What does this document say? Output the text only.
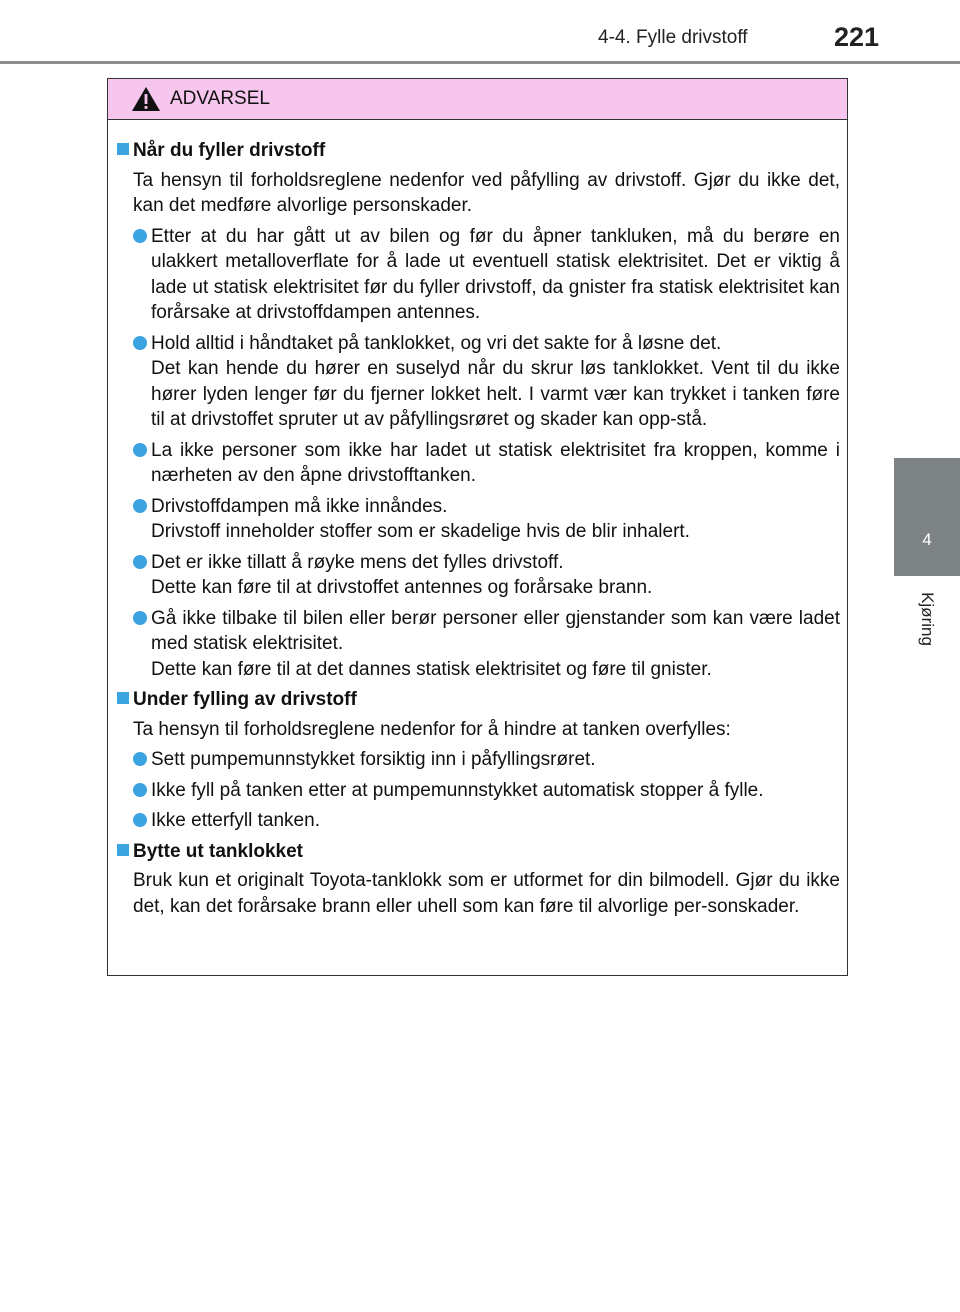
4-4. Fylle drivstoff	221
4
Kjøring
ADVARSEL
Når du fyller drivstoff
Ta hensyn til forholdsreglene nedenfor ved påfylling av drivstoff. Gjør du ikke det, kan det medføre alvorlige personskader.
Etter at du har gått ut av bilen og før du åpner tankluken, må du berøre en ulakkert metalloverflate for å lade ut eventuell statisk elektrisitet. Det er viktig å lade ut statisk elektrisitet før du fyller drivstoff, da gnister fra statisk elektrisitet kan forårsake at drivstoffdampen antennes.
Hold alltid i håndtaket på tanklokket, og vri det sakte for å løsne det.
Det kan hende du hører en suselyd når du skrur løs tanklokket. Vent til du ikke hører lyden lenger før du fjerner lokket helt. I varmt vær kan trykket i tanken føre til at drivstoffet spruter ut av påfyllingsrøret og skader kan opp-stå.
La ikke personer som ikke har ladet ut statisk elektrisitet fra kroppen, komme i nærheten av den åpne drivstofftanken.
Drivstoffdampen må ikke innåndes.
Drivstoff inneholder stoffer som er skadelige hvis de blir inhalert.
Det er ikke tillatt å røyke mens det fylles drivstoff.
Dette kan føre til at drivstoffet antennes og forårsake brann.
Gå ikke tilbake til bilen eller berør personer eller gjenstander som kan være ladet med statisk elektrisitet.
Dette kan føre til at det dannes statisk elektrisitet og føre til gnister.
Under fylling av drivstoff
Ta hensyn til forholdsreglene nedenfor for å hindre at tanken overfylles:
Sett pumpemunnstykket forsiktig inn i påfyllingsrøret.
Ikke fyll på tanken etter at pumpemunnstykket automatisk stopper å fylle.
Ikke etterfyll tanken.
Bytte ut tanklokket
Bruk kun et originalt Toyota-tanklokk som er utformet for din bilmodell. Gjør du ikke det, kan det forårsake brann eller uhell som kan føre til alvorlige per-sonskader.
